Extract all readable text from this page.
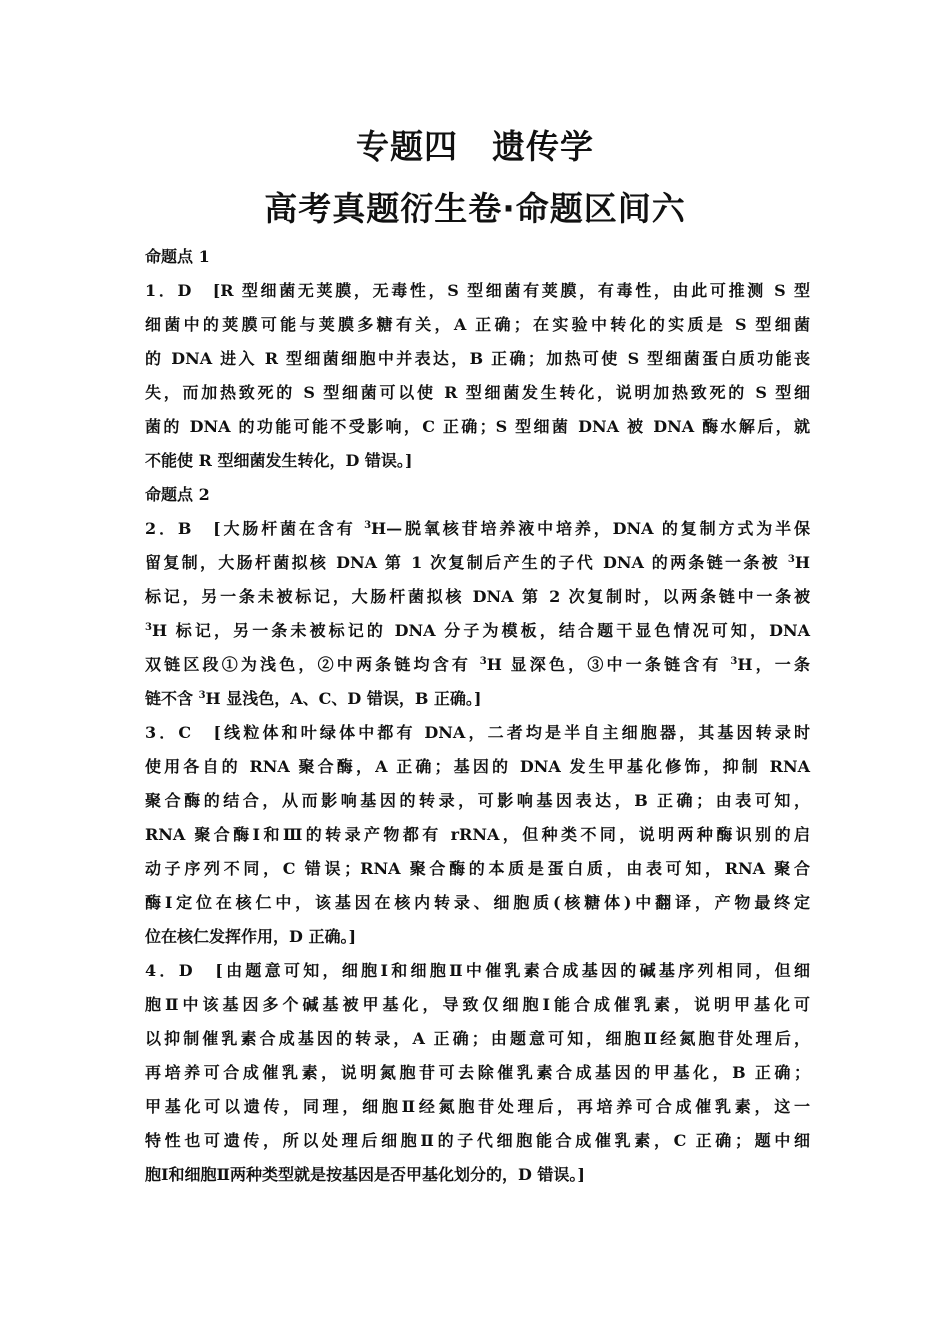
专题四　遗传学
高考真题衍生卷·命题区间六
命题点 1
1．D　[R 型细菌无荚膜，无毒性，S 型细菌有荚膜，有毒性，由此可推测 S 型
细菌中的荚膜可能与荚膜多糖有关，A 正确；在实验中转化的实质是 S 型细菌
的 DNA 进入 R 型细菌细胞中并表达，B 正确；加热可使 S 型细菌蛋白质功能丧
失，而加热致死的 S 型细菌可以使 R 型细菌发生转化，说明加热致死的 S 型细
菌的 DNA 的功能可能不受影响，C 正确；S 型细菌 DNA 被 DNA 酶水解后，就
不能使 R 型细菌发生转化，D 错误。]
命题点 2
2．B　[大肠杆菌在含有 $^3$H—脱氧核苷培养液中培养，DNA 的复制方式为半保
留复制，大肠杆菌拟核 DNA 第 1 次复制后产生的子代 DNA 的两条链一条被 $^3$H
标记，另一条未被标记，大肠杆菌拟核 DNA 第 2 次复制时，以两条链中一条被
$^3$H 标记，另一条未被标记的 DNA 分子为模板，结合题干显色情况可知，DNA
双链区段①为浅色，②中两条链均含有 $^3$H 显深色，③中一条链含有 $^3$H，一条
链不含 $^3$H 显浅色，A、C、D 错误，B 正确。]
3．C　[线粒体和叶绿体中都有 DNA，二者均是半自主细胞器，其基因转录时
使用各自的 RNA 聚合酶，A 正确；基因的 DNA 发生甲基化修饰，抑制 RNA
聚合酶的结合，从而影响基因的转录，可影响基因表达，B 正确；由表可知，
RNA 聚合酶Ⅰ和Ⅲ的转录产物都有 rRNA，但种类不同，说明两种酶识别的启
动子序列不同，C 错误；RNA 聚合酶的本质是蛋白质，由表可知，RNA 聚合
酶Ⅰ定位在核仁中，该基因在核内转录、细胞质(核糖体)中翻译，产物最终定
位在核仁发挥作用，D 正确。]
4．D　[由题意可知，细胞Ⅰ和细胞Ⅱ中催乳素合成基因的碱基序列相同，但细
胞Ⅱ中该基因多个碱基被甲基化，导致仅细胞Ⅰ能合成催乳素，说明甲基化可
以抑制催乳素合成基因的转录，A 正确；由题意可知，细胞Ⅱ经氮胞苷处理后，
再培养可合成催乳素，说明氮胞苷可去除催乳素合成基因的甲基化，B 正确；
甲基化可以遗传，同理，细胞Ⅱ经氮胞苷处理后，再培养可合成催乳素，这一
特性也可遗传，所以处理后细胞Ⅱ的子代细胞能合成催乳素，C 正确；题中细
胞Ⅰ和细胞Ⅱ两种类型就是按基因是否甲基化划分的，D 错误。]
